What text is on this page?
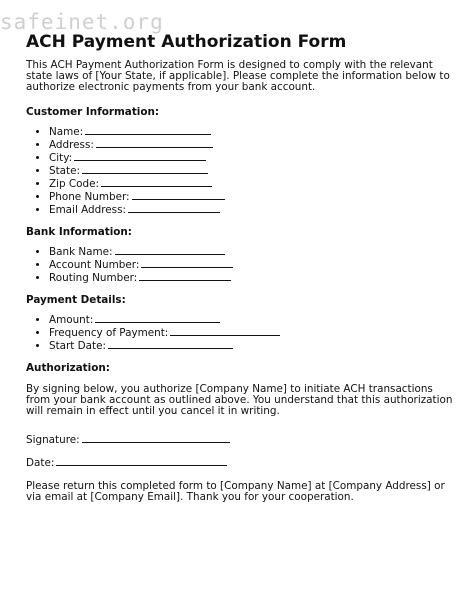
safeinet.org
ACH Payment Authorization Form

This ACH Payment Authorization Form is designed to comply with the relevant state laws of [Your State, if applicable]. Please complete the information below to authorize electronic payments from your bank account.

Customer Information:
• Name:
• Address:
• City:
• State:
• Zip Code:
• Phone Number:
• Email Address:
Bank Information:
• Bank Name:
• Account Number:
• Routing Number:
Payment Details:
• Amount:
• Frequency of Payment:
• Start Date:
Authorization:

By signing below, you authorize [Company Name] to initiate ACH transactions from your bank account as outlined above. You understand that this authorization will remain in effect until you cancel it in writing.

Signature:

Date:

Please return this completed form to [Company Name] at [Company Address] or via email at [Company Email]. Thank you for your cooperation.
